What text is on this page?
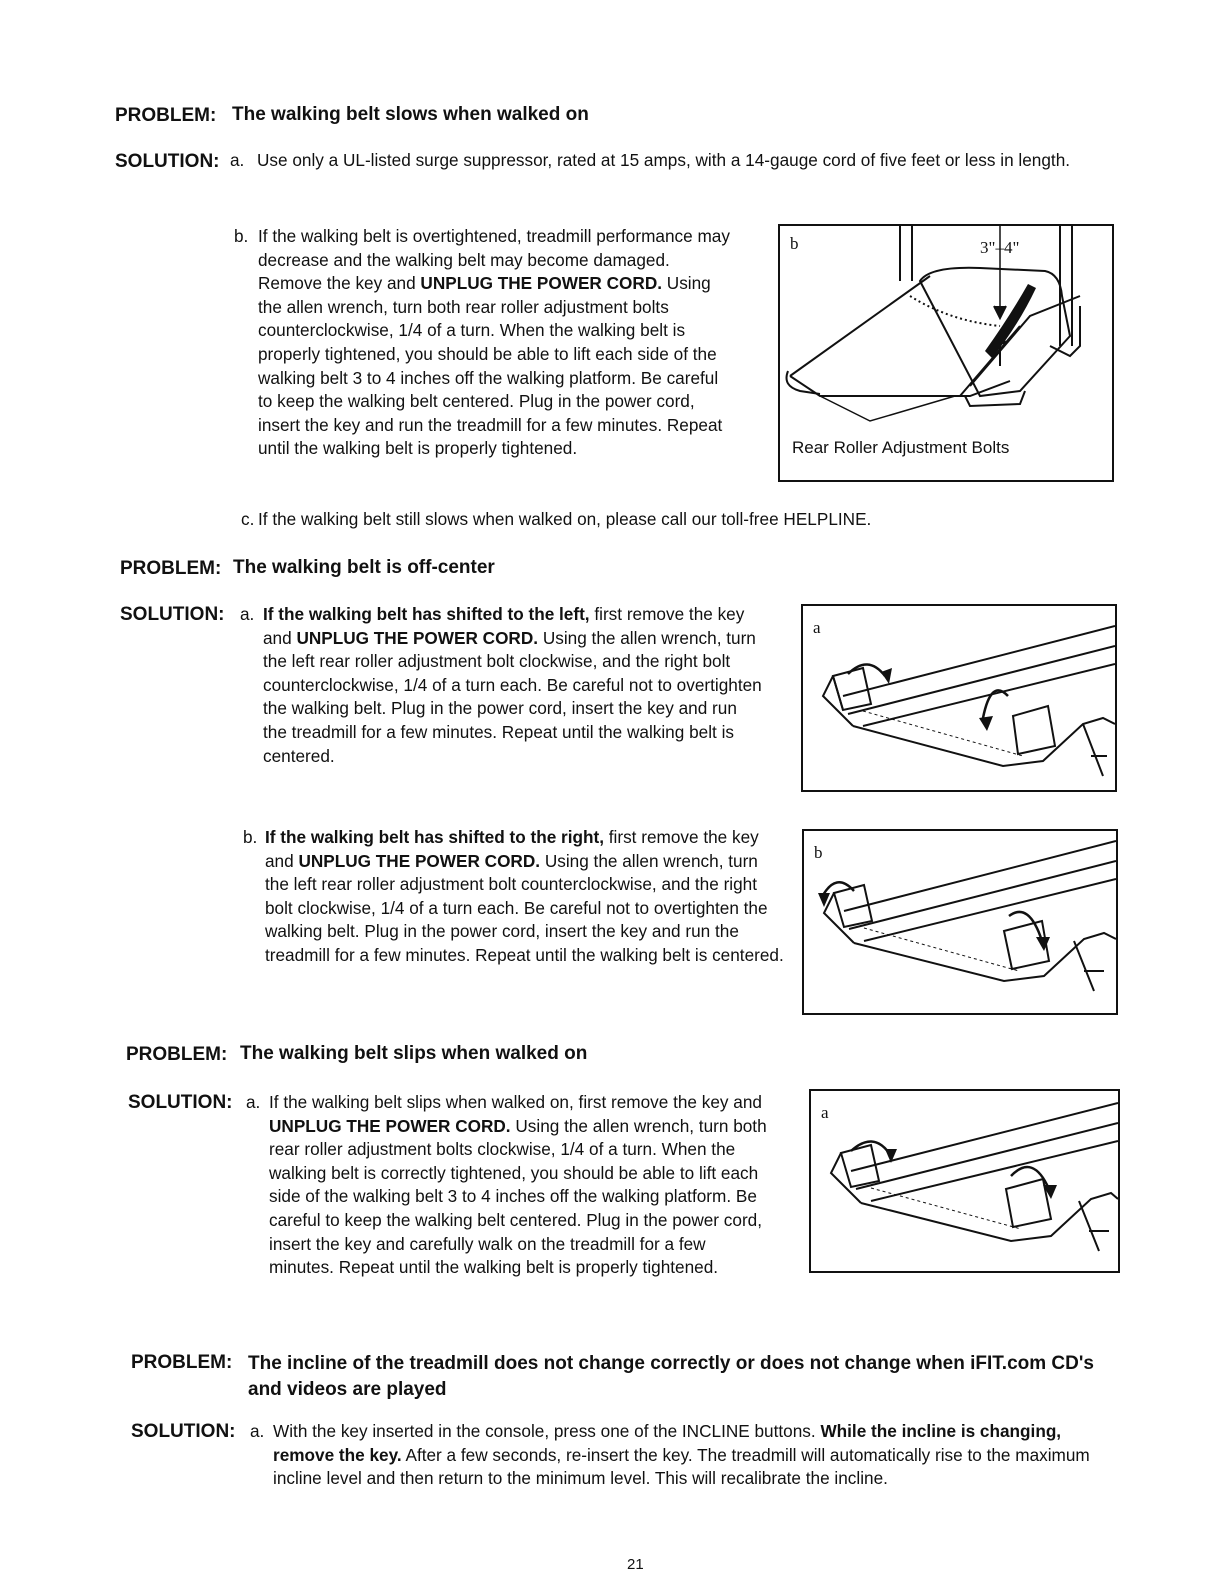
PROBLEM: The walking belt slows when walked on
SOLUTION: a. Use only a UL-listed surge suppressor, rated at 15 amps, with a 14-gauge cord of five feet or less in length.
b. If the walking belt is overtightened, treadmill performance may decrease and the walking belt may become damaged. Remove the key and UNPLUG THE POWER CORD. Using the allen wrench, turn both rear roller adjustment bolts counterclockwise, 1/4 of a turn. When the walking belt is properly tightened, you should be able to lift each side of the walking belt 3 to 4 inches off the walking platform. Be careful to keep the walking belt centered. Plug in the power cord, insert the key and run the treadmill for a few minutes. Repeat until the walking belt is properly tightened.
b	3"–4"
Rear Roller Adjustment Bolts
c. If the walking belt still slows when walked on, please call our toll-free HELPLINE.
PROBLEM: The walking belt is off-center
SOLUTION: a. If the walking belt has shifted to the left, first remove the key and UNPLUG THE POWER CORD. Using the allen wrench, turn the left rear roller adjustment bolt clockwise, and the right bolt counterclockwise, 1/4 of a turn each. Be careful not to overtighten the walking belt. Plug in the power cord, insert the key and run the treadmill for a few minutes. Repeat until the walking belt is centered.
a
b. If the walking belt has shifted to the right, first remove the key and UNPLUG THE POWER CORD. Using the allen wrench, turn the left rear roller adjustment bolt counterclockwise, and the right bolt clockwise, 1/4 of a turn each. Be careful not to overtighten the walking belt. Plug in the power cord, insert the key and run the treadmill for a few minutes. Repeat until the walking belt is centered.
b
PROBLEM: The walking belt slips when walked on
SOLUTION: a. If the walking belt slips when walked on, first remove the key and UNPLUG THE POWER CORD. Using the allen wrench, turn both rear roller adjustment bolts clockwise, 1/4 of a turn. When the walking belt is correctly tightened, you should be able to lift each side of the walking belt 3 to 4 inches off the walking platform. Be careful to keep the walking belt centered. Plug in the power cord, insert the key and carefully walk on the treadmill for a few minutes. Repeat until the walking belt is properly tightened.
a
PROBLEM: The incline of the treadmill does not change correctly or does not change when iFIT.com CD's and videos are played
SOLUTION: a. With the key inserted in the console, press one of the INCLINE buttons. While the incline is changing, remove the key. After a few seconds, re-insert the key. The treadmill will automatically rise to the maximum incline level and then return to the minimum level. This will recalibrate the incline.
21
